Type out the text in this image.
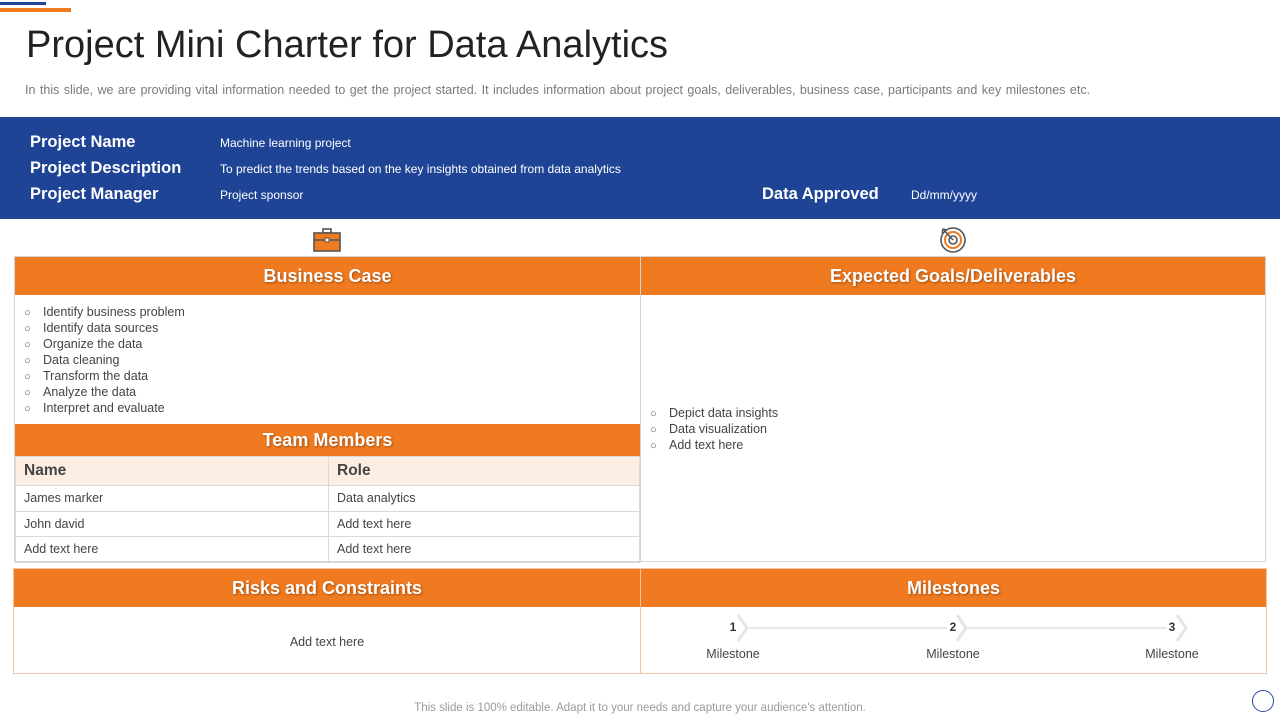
Project Mini Charter for Data Analytics
In this slide, we are providing vital information needed to get the project started. It includes information about project goals, deliverables, business case, participants and key milestones etc.
Project Name	Machine learning project
Project Description	To predict the trends based on the key insights obtained from data analytics
Project Manager	Project sponsor	Data Approved	Dd/mm/yyyy
Business Case
○ Identify business problem
○ Identify data sources
○ Organize the data
○ Data cleaning
○ Transform the data
○ Analyze the data
○ Interpret and evaluate
Team Members
Name	Role
James marker	Data analytics
John david	Add text here
Add text here	Add text here
Expected Goals/Deliverables
○ Depict data insights
○ Data visualization
○ Add text here
Risks and Constraints
Add text here
Milestones
1
Milestone
2
Milestone
3
Milestone
This slide is 100% editable. Adapt it to your needs and capture your audience's attention.
